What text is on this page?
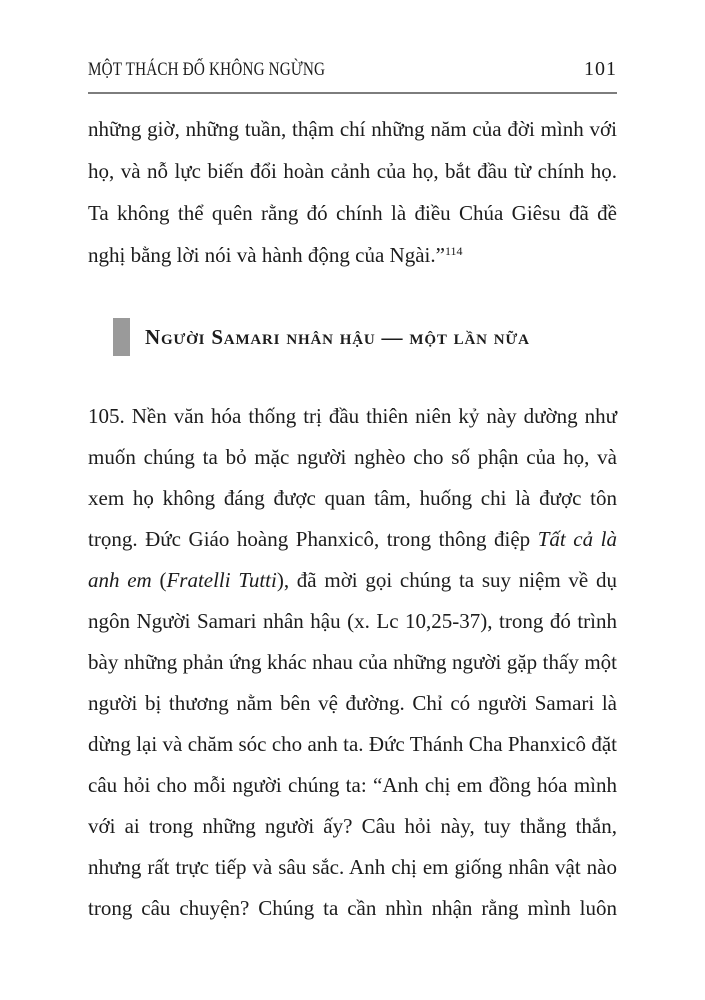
MỘT THÁCH ĐỐ KHÔNG NGỪNG	101

những giờ, những tuần, thậm chí những năm của đời mình với họ, và nỗ lực biến đổi hoàn cảnh của họ, bắt đầu từ chính họ. Ta không thể quên rằng đó chính là điều Chúa Giêsu đã đề nghị bằng lời nói và hành động của Ngài.”$^{114}$

Người Samari nhân hậu — một lần nữa

105. Nền văn hóa thống trị đầu thiên niên kỷ này dường như muốn chúng ta bỏ mặc người nghèo cho số phận của họ, và xem họ không đáng được quan tâm, huống chi là được tôn trọng. Đức Giáo hoàng Phanxicô, trong thông điệp Tất cả là anh em (Fratelli Tutti), đã mời gọi chúng ta suy niệm về dụ ngôn Người Samari nhân hậu (x. Lc 10,25-37), trong đó trình bày những phản ứng khác nhau của những người gặp thấy một người bị thương nằm bên vệ đường. Chỉ có người Samari là dừng lại và chăm sóc cho anh ta. Đức Thánh Cha Phanxicô đặt câu hỏi cho mỗi người chúng ta: “Anh chị em đồng hóa mình với ai trong những người ấy? Câu hỏi này, tuy thẳng thắn, nhưng rất trực tiếp và sâu sắc. Anh chị em giống nhân vật nào trong câu chuyện? Chúng ta cần nhìn nhận rằng mình luôn
